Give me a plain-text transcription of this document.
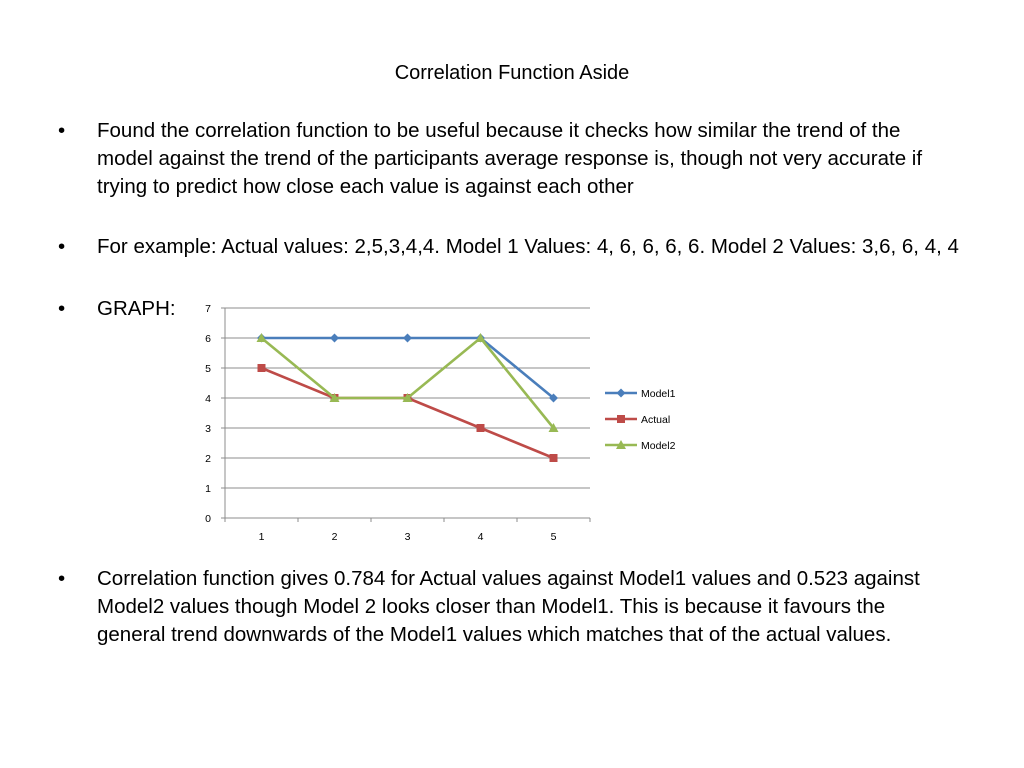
Correlation Function Aside
•	Found the correlation function to be useful because it checks how similar the trend of the model against the trend of the participants average response is, though not very accurate if trying to predict how close each value is against each other
•	For example: Actual values: 2,5,3,4,4. Model 1 Values: 4, 6, 6, 6, 6. Model 2 Values: 3,6, 6, 4, 4
•	GRAPH:
•	Correlation function gives 0.784 for Actual values against Model1 values and 0.523 against Model2 values though Model 2 looks closer than Model1. This is because it favours the general trend downwards of the Model1 values which matches that of the actual values.
0
1
2
3
4
5
6
7
1	2	3	4	5
Model1
Actual
Model2
